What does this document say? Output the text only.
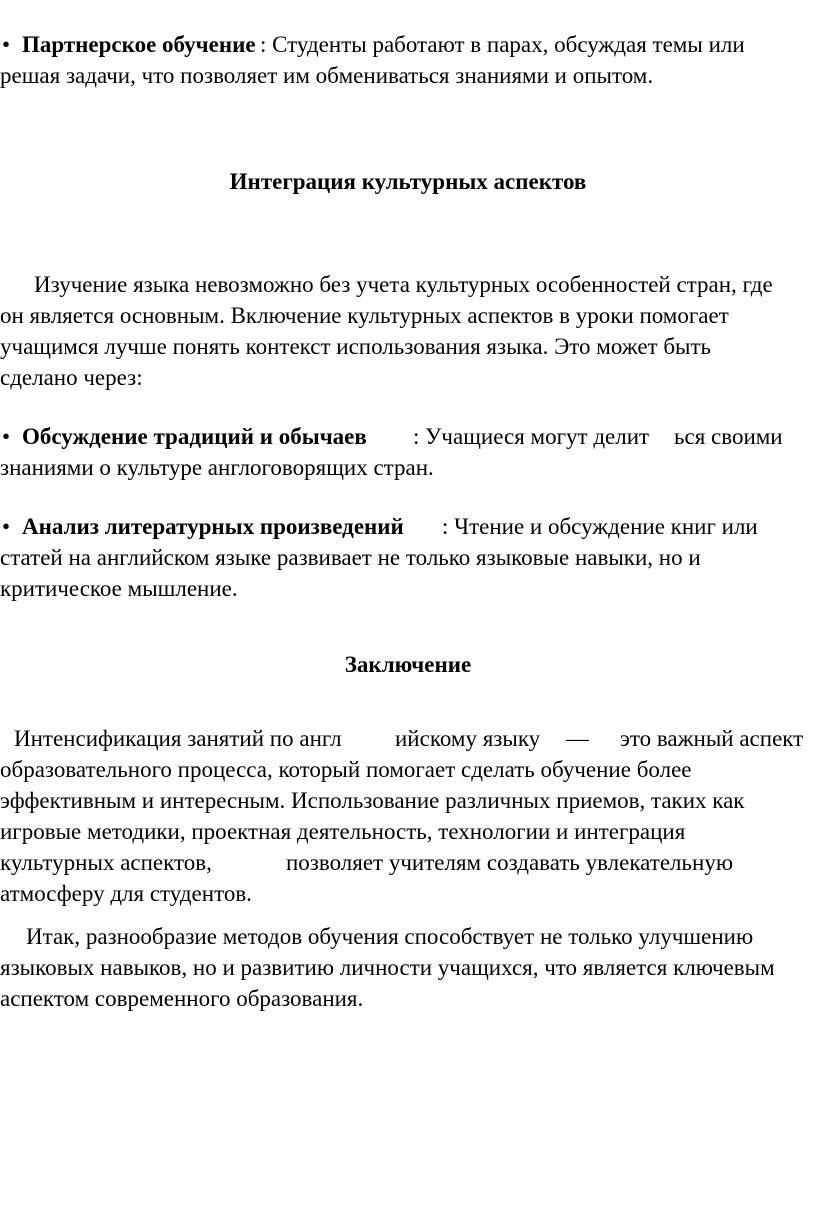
• Партнерское обучение : Студенты работают в парах, обсуждая темы или
решая задачи, что позволяет им обмениваться знаниями и опытом.
Интеграция культурных аспектов
Изучение языка невозможно без учета культурных особенностей стран, где
он является основным. Включение культурных аспектов в уроки помогает
учащимся лучше понять контекст использования языка. Это может быть
сделано через:
• Обсуждение традиций и обычаев : Учащиеся могут делит ься своими
знаниями о культуре англоговорящих стран.
• Анализ литературных произведений : Чтение и обсуждение книг или
статей на английском языке развивает не только языковые навыки, но и
критическое мышление.
Заключение
Интенсификация занятий по англ ийскому языку — это важный аспект
образовательного процесса, который помогает сделать обучение более
эффективным и интересным. Использование различных приемов, таких как
игровые методики, проектная деятельность, технологии и интеграция
культурных аспектов,	позволяет учителям создавать увлекательную
атмосферу для студентов.
Итак, разнообразие методов обучения способствует не только улучшению
языковых навыков, но и развитию личности учащихся, что является ключевым
аспектом современного образования.
